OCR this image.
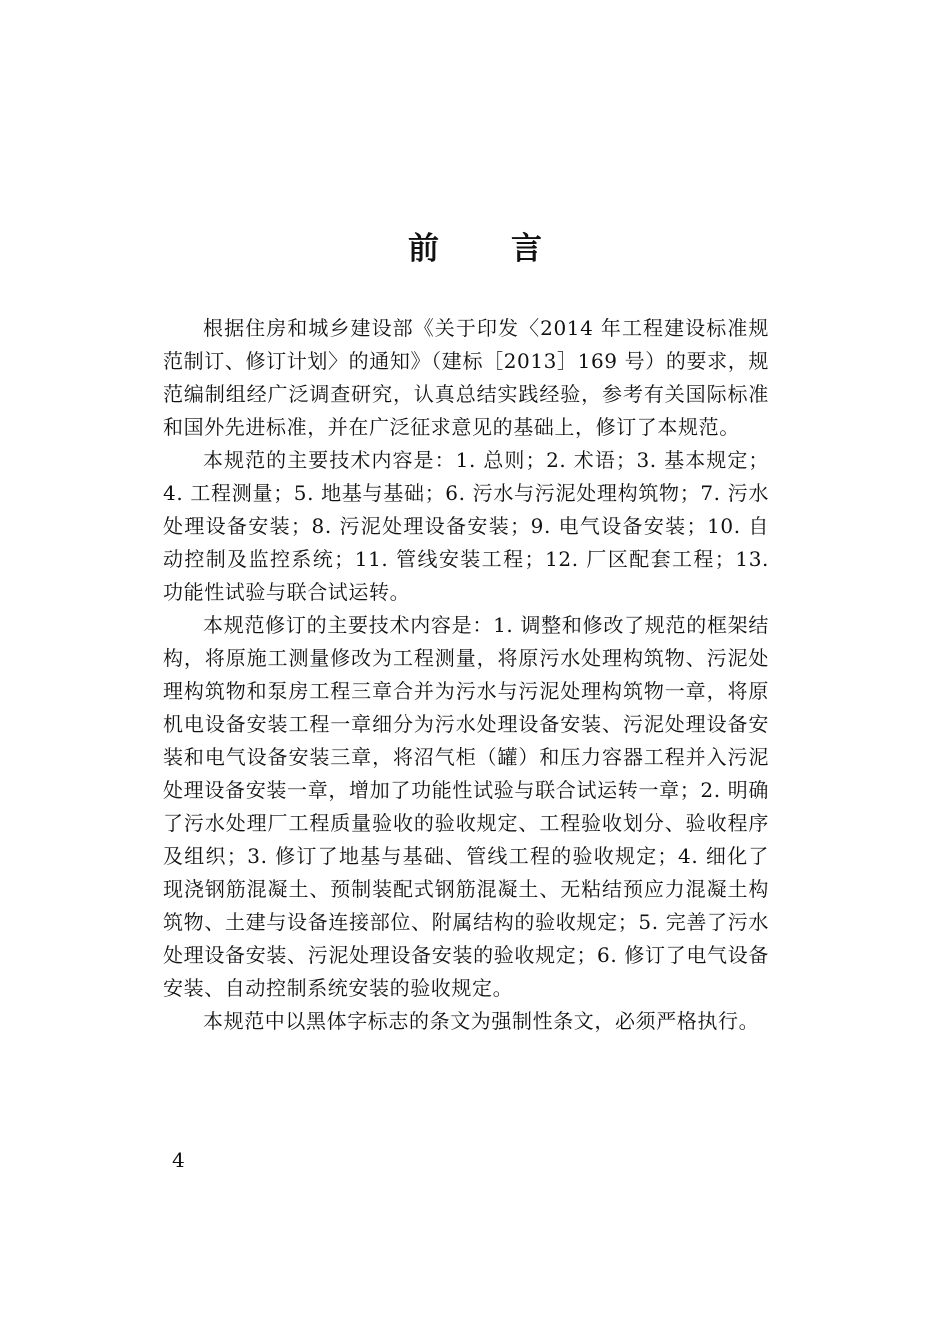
前 言

根据住房和城乡建设部《关于印发〈2014 年工程建设标准规范制订、修订计划〉的通知》（建标［2013］169 号）的要求，规范编制组经广泛调查研究，认真总结实践经验，参考有关国际标准和国外先进标准，并在广泛征求意见的基础上，修订了本规范。

本规范的主要技术内容是：1. 总则；2. 术语；3. 基本规定；4. 工程测量；5. 地基与基础；6. 污水与污泥处理构筑物；7. 污水处理设备安装；8. 污泥处理设备安装；9. 电气设备安装；10. 自动控制及监控系统；11. 管线安装工程；12. 厂区配套工程；13. 功能性试验与联合试运转。

本规范修订的主要技术内容是：1. 调整和修改了规范的框架结构，将原施工测量修改为工程测量，将原污水处理构筑物、污泥处理构筑物和泵房工程三章合并为污水与污泥处理构筑物一章，将原机电设备安装工程一章细分为污水处理设备安装、污泥处理设备安装和电气设备安装三章，将沼气柜（罐）和压力容器工程并入污泥处理设备安装一章，增加了功能性试验与联合试运转一章；2. 明确了污水处理厂工程质量验收的验收规定、工程验收划分、验收程序及组织；3. 修订了地基与基础、管线工程的验收规定；4. 细化了现浇钢筋混凝土、预制装配式钢筋混凝土、无粘结预应力混凝土构筑物、土建与设备连接部位、附属结构的验收规定；5. 完善了污水处理设备安装、污泥处理设备安装的验收规定；6. 修订了电气设备安装、自动控制系统安装的验收规定。

本规范中以黑体字标志的条文为强制性条文，必须严格执行。

4
